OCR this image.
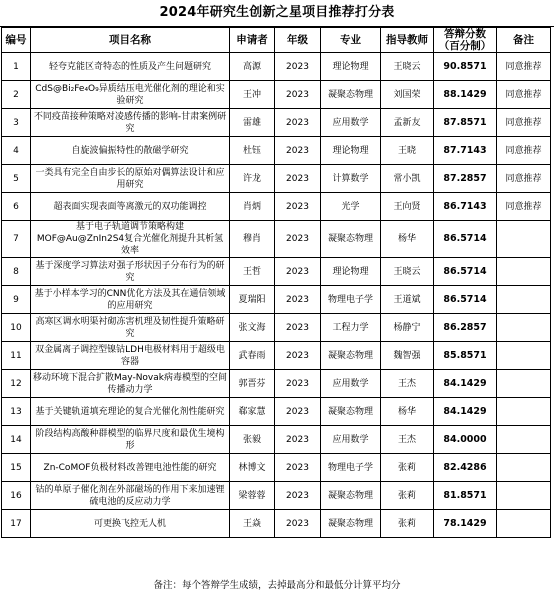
2024年研究生创新之星项目推荐打分表
编号	项目名称	申请者	年级	专业	指导教师	答辩分数（百分制）	备注
1	轻夸克能区奇特态的性质及产生问题研究	高源	2023	理论物理	王晓云	90.8571	同意推荐
2	CdS@Bi₂Fe₄O₉异质结压电光催化剂的理论和实验研究	王冲	2023	凝聚态物理	刘国荣	88.1429	同意推荐
3	不同疫苗接种策略对凌感传播的影响-甘肃案例研究	雷雄	2023	应用数学	孟新友	87.8571	同意推荐
4	自旋波偏振特性的散磁学研究	杜钰	2023	理论物理	王晓	87.7143	同意推荐
5	一类具有完全自由步长的原始对偶算法设计和应用研究	许龙	2023	计算数学	常小凯	87.2857	同意推荐
6	超表面实现表面等离激元的双功能调控	肖炳	2023	光学	王向贤	86.7143	同意推荐
7	基于电子轨道调节策略构建MOF@Au@ZnIn2S4复合光催化剂提升其析氢效率	穆肖	2023	凝聚态物理	杨华	86.5714	
8	基于深度学习算法对强子形状因子分布行为的研究	王哲	2023	理论物理	王晓云	86.5714	
9	基于小样本学习的CNN优化方法及其在通信领域的应用研究	夏瑞阳	2023	物理电子学	王道斌	86.5714	
10	高寒区调水明渠衬砌冻害机理及韧性提升策略研究	张文海	2023	工程力学	杨静宁	86.2857	
11	双金属离子调控型镍钴LDH电极材料用于超级电容器	武春雨	2023	凝聚态物理	魏智强	85.8571	
12	移动环境下混合扩散May-Novak病毒模型的空间传播动力学	郭晋芬	2023	应用数学	王杰	84.1429	
13	基于关键轨道填充理论的复合光催化剂性能研究	郗家慧	2023	凝聚态物理	杨华	84.1429	
14	阶段结构高酸种群模型的临界尺度和最优生境构形	张毅	2023	应用数学	王杰	84.0000	
15	Zn-CoMOF负极材料改善锂电池性能的研究	林博文	2023	物理电子学	张莉	82.4286	
16	钴的单原子催化剂在外部磁场的作用下来加速锂硫电池的反应动力学	梁蓉蓉	2023	凝聚态物理	张莉	81.8571	
17	可更换飞控无人机	王焱	2023	凝聚态物理	张莉	78.1429	
备注：每个答辩学生成绩，去掉最高分和最低分计算平均分
